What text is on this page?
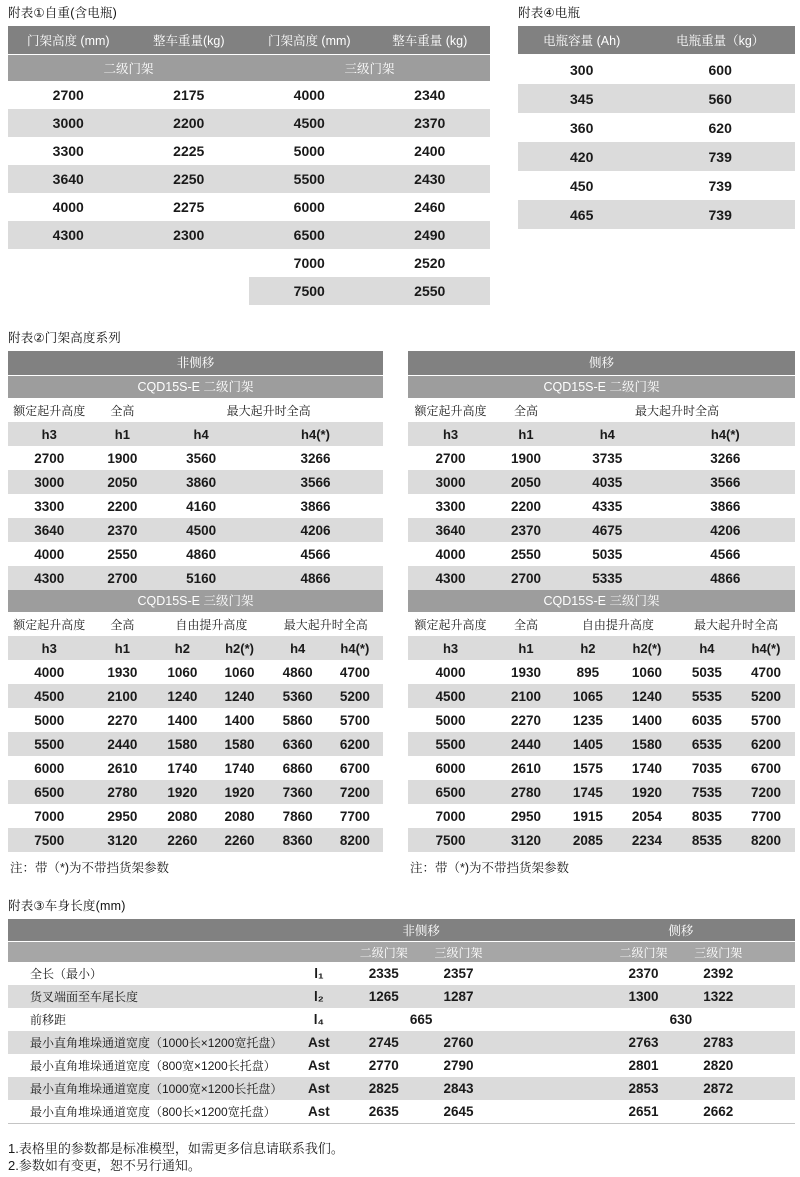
附表①自重(含电瓶)
门架高度 (mm)	整车重量(kg)	门架高度 (mm)	整车重量 (kg)
二级门架		三级门架	
2700	2175	4000	2340
3000	2200	4500	2370
3300	2225	5000	2400
3640	2250	5500	2430
4000	2275	6000	2460
4300	2300	6500	2490
		7000	2520
		7500	2550
附表④电瓶
电瓶容量 (Ah)	电瓶重量（kg）
300	600
345	560
360	620
420	739
450	739
465	739
附表②门架高度系列
非侧移
CQD15S-E 二级门架
额定起升高度	全高	最大起升时全高	
h3	h1	h4	h4(*)
2700	1900	3560	3266
3000	2050	3860	3566
3300	2200	4160	3866
3640	2370	4500	4206
4000	2550	4860	4566
4300	2700	5160	4866
CQD15S-E 三级门架
额定起升高度	全高	自由提升高度		最大起升时全高	
h3	h1	h2	h2(*)	h4	h4(*)
4000	1930	1060	1060	4860	4700
4500	2100	1240	1240	5360	5200
5000	2270	1400	1400	5860	5700
5500	2440	1580	1580	6360	6200
6000	2610	1740	1740	6860	6700
6500	2780	1920	1920	7360	7200
7000	2950	2080	2080	7860	7700
7500	3120	2260	2260	8360	8200
注：带（*)为不带挡货架参数
侧移
CQD15S-E 二级门架
额定起升高度	全高	最大起升时全高	
h3	h1	h4	h4(*)
2700	1900	3735	3266
3000	2050	4035	3566
3300	2200	4335	3866
3640	2370	4675	4206
4000	2550	5035	4566
4300	2700	5335	4866
CQD15S-E 三级门架
额定起升高度	全高	自由提升高度		最大起升时全高	
h3	h1	h2	h2(*)	h4	h4(*)
4000	1930	895	1060	5035	4700
4500	2100	1065	1240	5535	5200
5000	2270	1235	1400	6035	5700
5500	2440	1405	1580	6535	6200
6000	2610	1575	1740	7035	6700
6500	2780	1745	1920	7535	7200
7000	2950	1915	2054	8035	7700
7500	3120	2085	2234	8535	8200
注：带（*)为不带挡货架参数
附表③车身长度(mm)
		非侧移			侧移		
		二级门架	三级门架		二级门架	三级门架	
全长（最小）	l₁	2335	2357		2370	2392	
货叉端面至车尾长度	l₂	1265	1287		1300	1322	
前移距	l₄	665			630		
最小直角堆垛通道宽度（1000长×1200宽托盘）	Ast	2745	2760		2763	2783	
最小直角堆垛通道宽度（800宽×1200长托盘）	Ast	2770	2790		2801	2820	
最小直角堆垛通道宽度（1000宽×1200长托盘）	Ast	2825	2843		2853	2872	
最小直角堆垛通道宽度（800长×1200宽托盘）	Ast	2635	2645		2651	2662	
1.表格里的参数都是标准模型，如需更多信息请联系我们。
2.参数如有变更，恕不另行通知。
